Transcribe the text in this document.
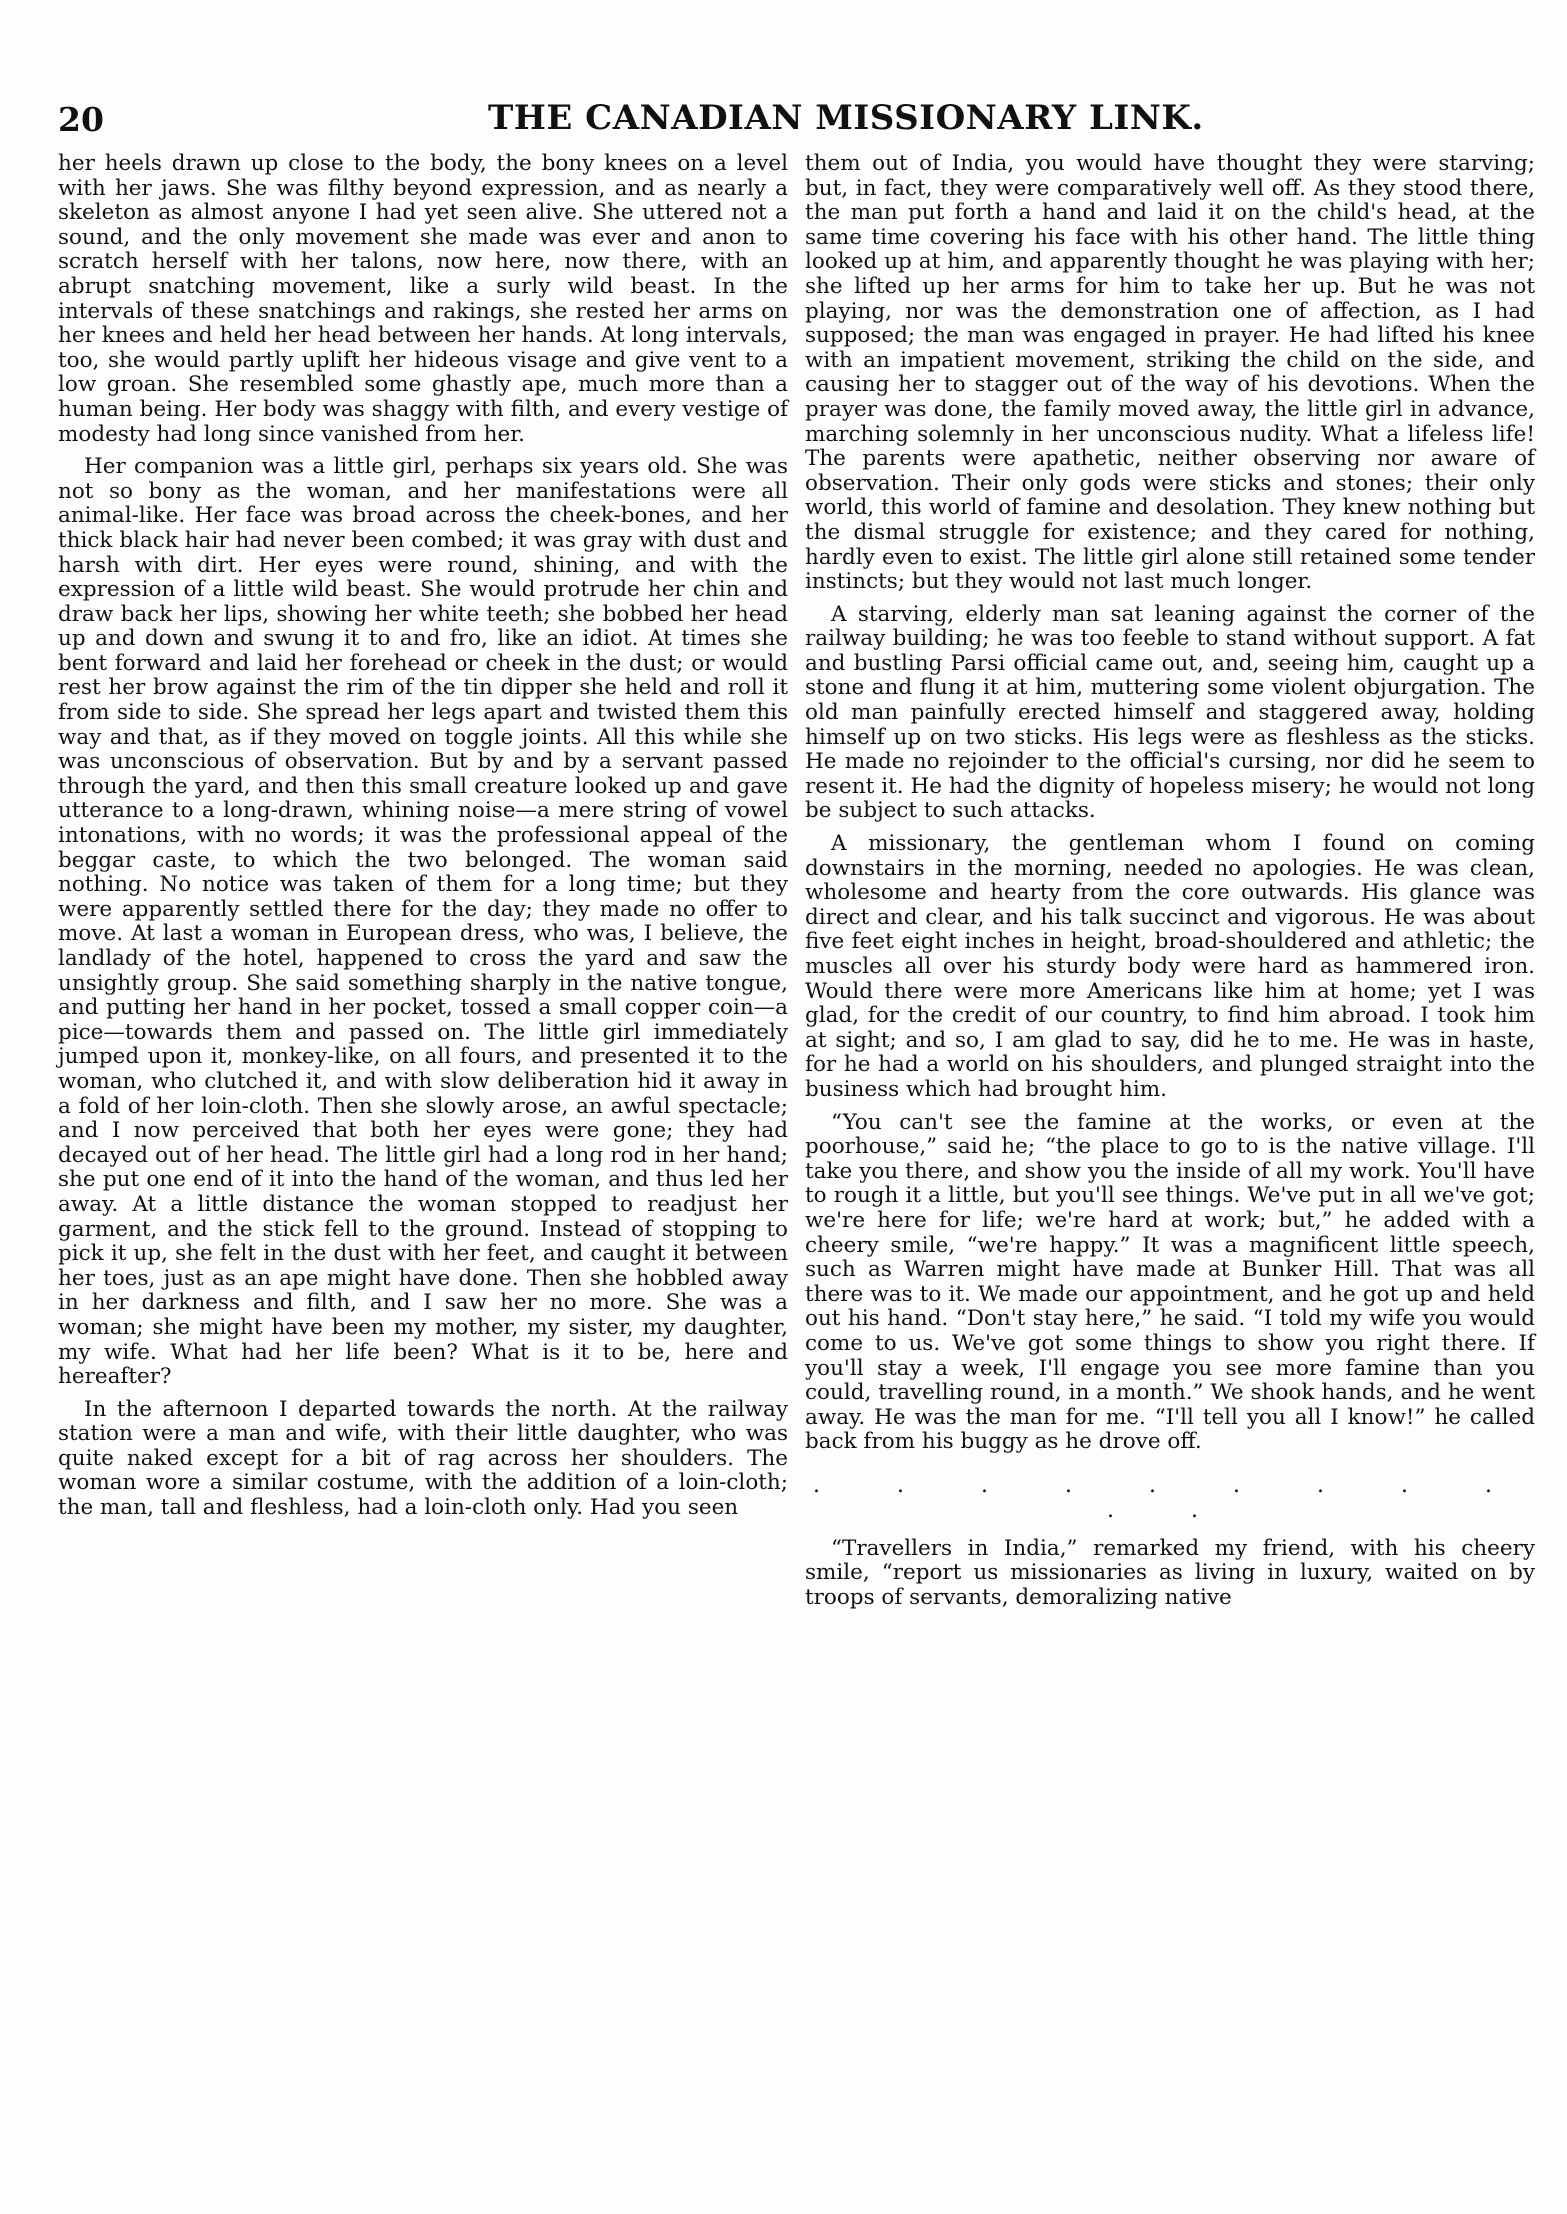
20	THE CANADIAN MISSIONARY LINK.

her heels drawn up close to the body, the bony knees on a level with her jaws. She was filthy beyond expression, and as nearly a skeleton as almost anyone I had yet seen alive. She uttered not a sound, and the only movement she made was ever and anon to scratch herself with her talons, now here, now there, with an abrupt snatching movement, like a surly wild beast. In the intervals of these snatchings and rakings, she rested her arms on her knees and held her head between her hands. At long intervals, too, she would partly uplift her hideous visage and give vent to a low groan. She resembled some ghastly ape, much more than a human being. Her body was shaggy with filth, and every vestige of modesty had long since vanished from her.

Her companion was a little girl, perhaps six years old. She was not so bony as the woman, and her manifestations were all animal-like. Her face was broad across the cheek-bones, and her thick black hair had never been combed; it was gray with dust and harsh with dirt. Her eyes were round, shining, and with the expression of a little wild beast. She would protrude her chin and draw back her lips, showing her white teeth; she bobbed her head up and down and swung it to and fro, like an idiot. At times she bent forward and laid her forehead or cheek in the dust; or would rest her brow against the rim of the tin dipper she held and roll it from side to side. She spread her legs apart and twisted them this way and that, as if they moved on toggle joints. All this while she was unconscious of observation. But by and by a servant passed through the yard, and then this small creature looked up and gave utterance to a long-drawn, whining noise—a mere string of vowel intonations, with no words; it was the professional appeal of the beggar caste, to which the two belonged. The woman said nothing. No notice was taken of them for a long time; but they were apparently settled there for the day; they made no offer to move. At last a woman in European dress, who was, I believe, the landlady of the hotel, happened to cross the yard and saw the unsightly group. She said something sharply in the native tongue, and putting her hand in her pocket, tossed a small copper coin—a pice—towards them and passed on. The little girl immediately jumped upon it, monkey-like, on all fours, and presented it to the woman, who clutched it, and with slow deliberation hid it away in a fold of her loin-cloth. Then she slowly arose, an awful spectacle; and I now perceived that both her eyes were gone; they had decayed out of her head. The little girl had a long rod in her hand; she put one end of it into the hand of the woman, and thus led her away. At a little distance the woman stopped to readjust her garment, and the stick fell to the ground. Instead of stopping to pick it up, she felt in the dust with her feet, and caught it between her toes, just as an ape might have done. Then she hobbled away in her darkness and filth, and I saw her no more. She was a woman; she might have been my mother, my sister, my daughter, my wife. What had her life been? What is it to be, here and hereafter?

In the afternoon I departed towards the north. At the railway station were a man and wife, with their little daughter, who was quite naked except for a bit of rag across her shoulders. The woman wore a similar costume, with the addition of a loin-cloth; the man, tall and fleshless, had a loin-cloth only. Had you seen

them out of India, you would have thought they were starving; but, in fact, they were comparatively well off. As they stood there, the man put forth a hand and laid it on the child's head, at the same time covering his face with his other hand. The little thing looked up at him, and apparently thought he was playing with her; she lifted up her arms for him to take her up. But he was not playing, nor was the demonstration one of affection, as I had supposed; the man was engaged in prayer. He had lifted his knee with an impatient movement, striking the child on the side, and causing her to stagger out of the way of his devotions. When the prayer was done, the family moved away, the little girl in advance, marching solemnly in her unconscious nudity. What a lifeless life! The parents were apathetic, neither observing nor aware of observation. Their only gods were sticks and stones; their only world, this world of famine and desolation. They knew nothing but the dismal struggle for existence; and they cared for nothing, hardly even to exist. The little girl alone still retained some tender instincts; but they would not last much longer.

A starving, elderly man sat leaning against the corner of the railway building; he was too feeble to stand without support. A fat and bustling Parsi official came out, and, seeing him, caught up a stone and flung it at him, muttering some violent objurgation. The old man painfully erected himself and staggered away, holding himself up on two sticks. His legs were as fleshless as the sticks. He made no rejoinder to the official's cursing, nor did he seem to resent it. He had the dignity of hopeless misery; he would not long be subject to such attacks.

A missionary, the gentleman whom I found on coming downstairs in the morning, needed no apologies. He was clean, wholesome and hearty from the core outwards. His glance was direct and clear, and his talk succinct and vigorous. He was about five feet eight inches in height, broad-shouldered and athletic; the muscles all over his sturdy body were hard as hammered iron. Would there were more Americans like him at home; yet I was glad, for the credit of our country, to find him abroad. I took him at sight; and so, I am glad to say, did he to me. He was in haste, for he had a world on his shoulders, and plunged straight into the business which had brought him.

“You can't see the famine at the works, or even at the poorhouse,” said he; “the place to go to is the native village. I'll take you there, and show you the inside of all my work. You'll have to rough it a little, but you'll see things. We've put in all we've got; we're here for life; we're hard at work; but,” he added with a cheery smile, “we're happy.” It was a magnificent little speech, such as Warren might have made at Bunker Hill. That was all there was to it. We made our appointment, and he got up and held out his hand. “Don't stay here,” he said. “I told my wife you would come to us. We've got some things to show you right there. If you'll stay a week, I'll engage you see more famine than you could, travelling round, in a month.” We shook hands, and he went away. He was the man for me. “I'll tell you all I know!” he called back from his buggy as he drove off.

. . . . . . . . . . .

“Travellers in India,” remarked my friend, with his cheery smile, “report us missionaries as living in luxury, waited on by troops of servants, demoralizing native
